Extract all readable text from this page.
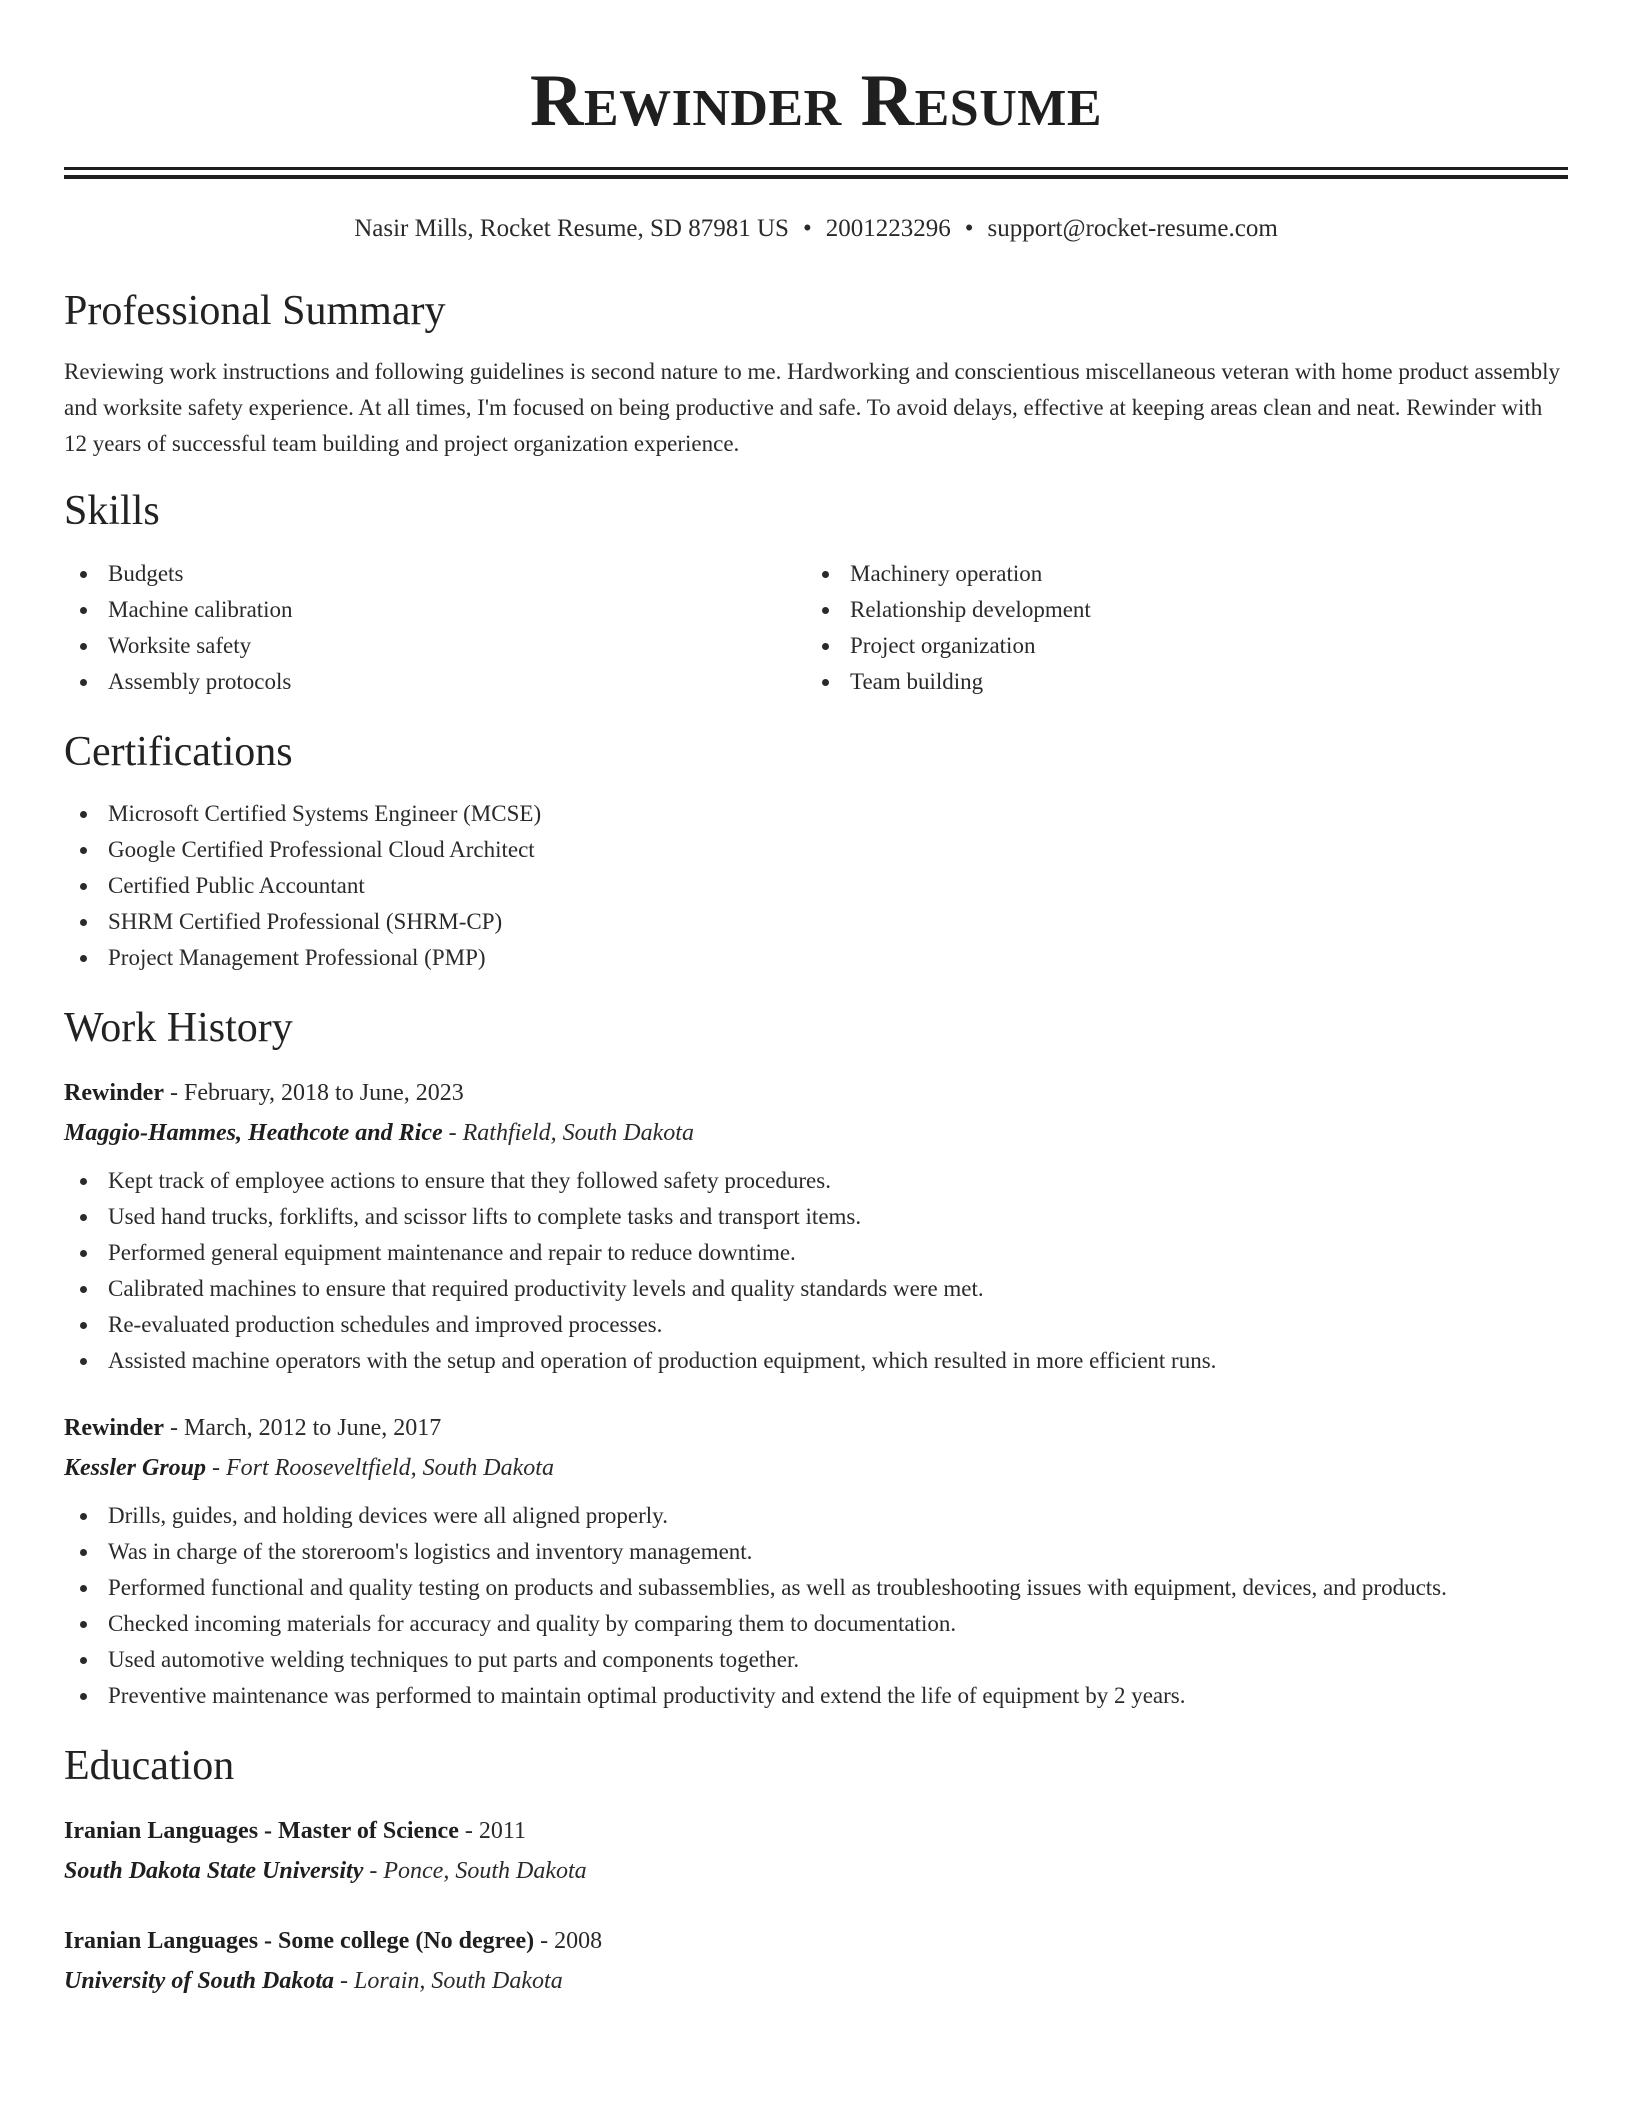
Rewinder Resume
Nasir Mills, Rocket Resume, SD 87981 US • 2001223296 • support@rocket-resume.com
Professional Summary

Reviewing work instructions and following guidelines is second nature to me. Hardworking and conscientious miscellaneous veteran with home product assembly and worksite safety experience. At all times, I'm focused on being productive and safe. To avoid delays, effective at keeping areas clean and neat. Rewinder with 12 years of successful team building and project organization experience.

Skills
Budgets
Machine calibration
Worksite safety
Assembly protocols
Machinery operation
Relationship development
Project organization
Team building
Certifications
Microsoft Certified Systems Engineer (MCSE)
Google Certified Professional Cloud Architect
Certified Public Accountant
SHRM Certified Professional (SHRM-CP)
Project Management Professional (PMP)
Work History
Rewinder - February, 2018 to June, 2023
Maggio-Hammes, Heathcote and Rice - Rathfield, South Dakota
Kept track of employee actions to ensure that they followed safety procedures.
Used hand trucks, forklifts, and scissor lifts to complete tasks and transport items.
Performed general equipment maintenance and repair to reduce downtime.
Calibrated machines to ensure that required productivity levels and quality standards were met.
Re-evaluated production schedules and improved processes.
Assisted machine operators with the setup and operation of production equipment, which resulted in more efficient runs.
Rewinder - March, 2012 to June, 2017
Kessler Group - Fort Rooseveltfield, South Dakota
Drills, guides, and holding devices were all aligned properly.
Was in charge of the storeroom's logistics and inventory management.
Performed functional and quality testing on products and subassemblies, as well as troubleshooting issues with equipment, devices, and products.
Checked incoming materials for accuracy and quality by comparing them to documentation.
Used automotive welding techniques to put parts and components together.
Preventive maintenance was performed to maintain optimal productivity and extend the life of equipment by 2 years.
Education
Iranian Languages - Master of Science - 2011
South Dakota State University - Ponce, South Dakota
Iranian Languages - Some college (No degree) - 2008
University of South Dakota - Lorain, South Dakota
